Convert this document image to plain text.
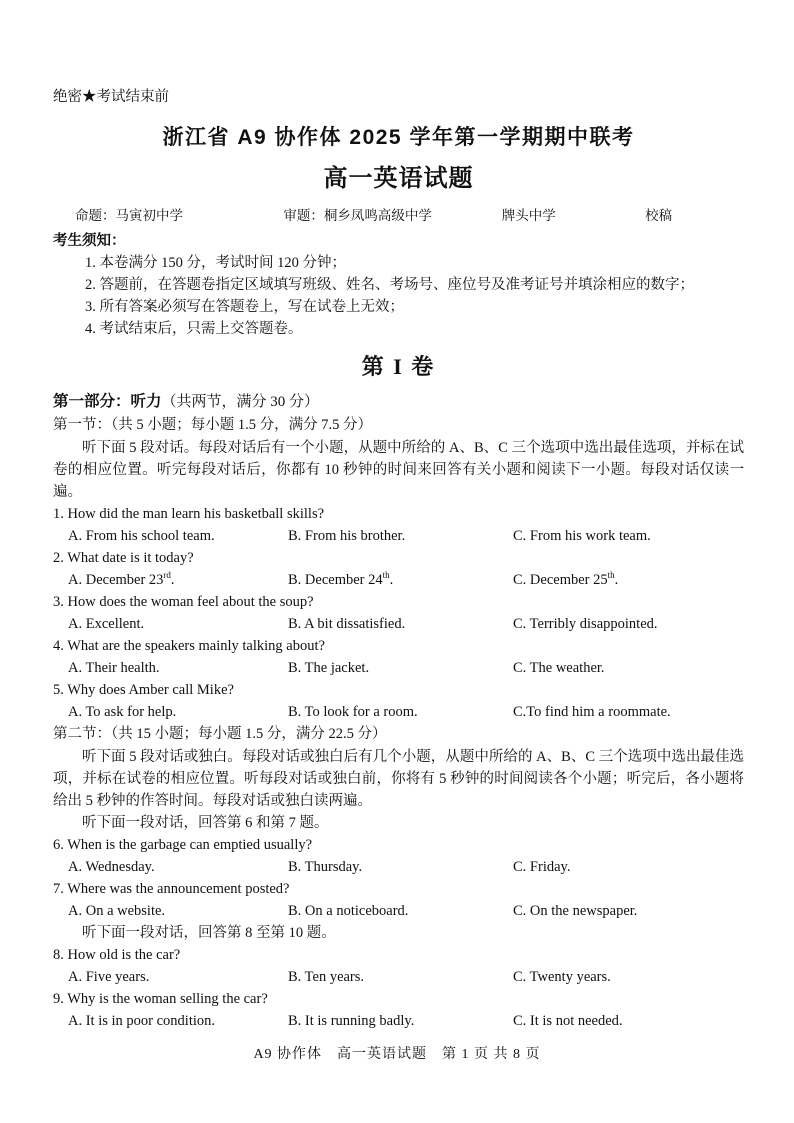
绝密★考试结束前
浙江省 A9 协作体 2025 学年第一学期期中联考
高一英语试题
命题：马寅初中学	审题：桐乡凤鸣高级中学	牌头中学	校稿
考生须知：
1. 本卷满分 150 分，考试时间 120 分钟；
2. 答题前，在答题卷指定区域填写班级、姓名、考场号、座位号及准考证号并填涂相应的数字；
3. 所有答案必须写在答题卷上，写在试卷上无效；
4. 考试结束后，只需上交答题卷。
第 I 卷
第一部分：听力（共两节，满分 30 分）
第一节：（共 5 小题；每小题 1.5 分，满分 7.5 分）
听下面 5 段对话。每段对话后有一个小题，从题中所给的 A、B、C 三个选项中选出最佳选项，并标在试卷的相应位置。听完每段对话后，你都有 10 秒钟的时间来回答有关小题和阅读下一小题。每段对话仅读一遍。
1. How did the man learn his basketball skills?
A. From his school team.	B. From his brother.	C. From his work team.
2. What date is it today?
A. December 23rd.	B. December 24th.	C. December 25th.
3. How does the woman feel about the soup?
A. Excellent.	B. A bit dissatisfied.	C. Terribly disappointed.
4. What are the speakers mainly talking about?
A. Their health.	B. The jacket.	C. The weather.
5. Why does Amber call Mike?
A. To ask for help.	B. To look for a room.	C.To find him a roommate.
第二节：（共 15 小题；每小题 1.5 分，满分 22.5 分）
听下面 5 段对话或独白。每段对话或独白后有几个小题，从题中所给的 A、B、C 三个选项中选出最佳选项，并标在试卷的相应位置。听每段对话或独白前，你将有 5 秒钟的时间阅读各个小题；听完后，各小题将给出 5 秒钟的作答时间。每段对话或独白读两遍。
听下面一段对话，回答第 6 和第 7 题。
6. When is the garbage can emptied usually?
A. Wednesday.	B. Thursday.	C. Friday.
7. Where was the announcement posted?
A. On a website.	B. On a noticeboard.	C. On the newspaper.
听下面一段对话，回答第 8 至第 10 题。
8. How old is the car?
A. Five years.	B. Ten years.	C. Twenty years.
9. Why is the woman selling the car?
A. It is in poor condition.	B. It is running badly.	C. It is not needed.
A9 协作体　高一英语试题　第 1 页 共 8 页
